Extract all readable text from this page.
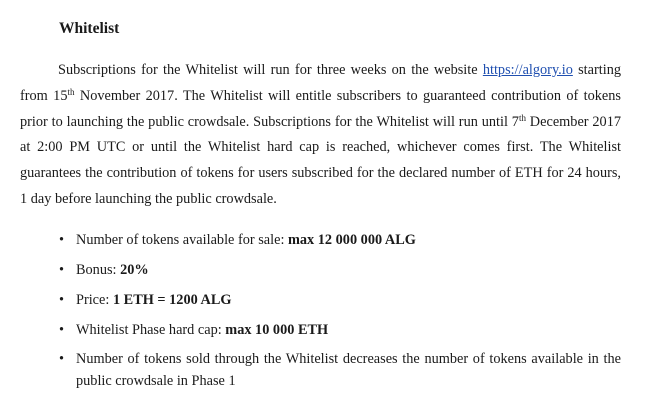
Whitelist

Subscriptions for the Whitelist will run for three weeks on the website https://algory.io starting from 15th November 2017. The Whitelist will entitle subscribers to guaranteed contribution of tokens prior to launching the public crowdsale. Subscriptions for the Whitelist will run until 7th December 2017 at 2:00 PM UTC or until the Whitelist hard cap is reached, whichever comes first. The Whitelist guarantees the contribution of tokens for users subscribed for the declared number of ETH for 24 hours, 1 day before launching the public crowdsale.

• Number of tokens available for sale: max 12 000 000 ALG
• Bonus: 20%
• Price: 1 ETH = 1200 ALG
• Whitelist Phase hard cap: max 10 000 ETH
• Number of tokens sold through the Whitelist decreases the number of tokens available in the public crowdsale in Phase 1
